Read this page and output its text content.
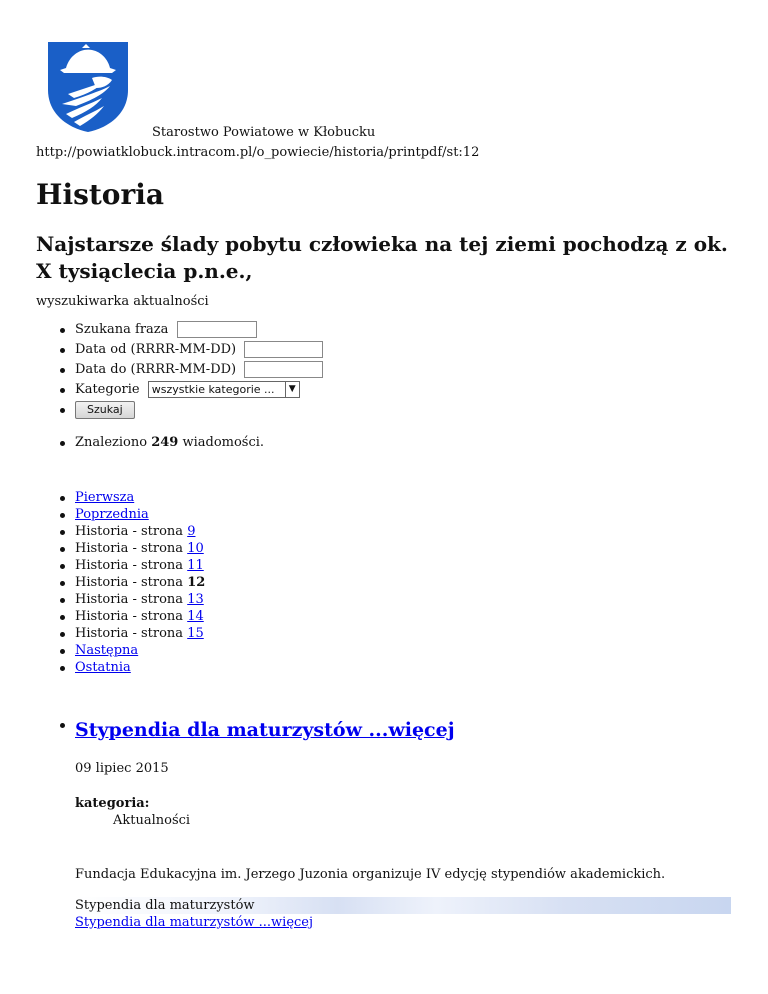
Starostwo Powiatowe w Kłobucku
http://powiatklobuck.intracom.pl/o_powiecie/historia/printpdf/st:12
Historia
Najstarsze ślady pobytu człowieka na tej ziemi pochodzą z ok. X tysiąclecia p.n.e.,
wyszukiwarka aktualności
Szukana fraza
Data od (RRRR-MM-DD)
Data do (RRRR-MM-DD)
Kategorie wszystkie kategorie ...	▼
Szukaj
Znaleziono 249 wiadomości.
Pierwsza
Poprzednia
Historia - strona 9
Historia - strona 10
Historia - strona 11
Historia - strona 12
Historia - strona 13
Historia - strona 14
Historia - strona 15
Następna
Ostatnia
Stypendia dla maturzystów ...więcej
09 lipiec 2015
kategoria:
Aktualności
Fundacja Edukacyjna im. Jerzego Juzonia organizuje IV edycję stypendiów akademickich.
Stypendia dla maturzystów
Stypendia dla maturzystów ...więcej
